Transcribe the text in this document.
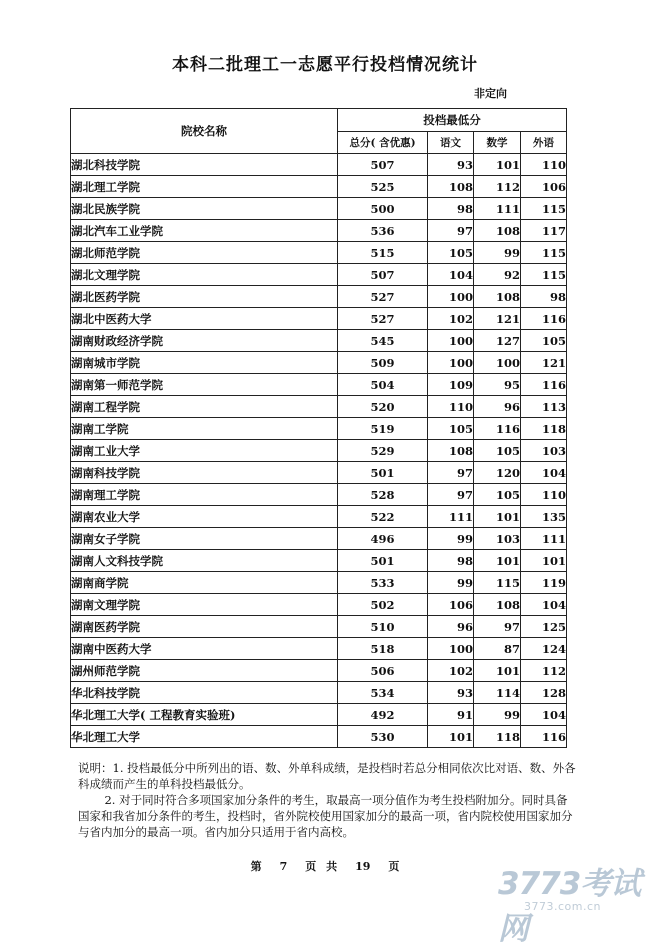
本科二批理工一志愿平行投档情况统计
非定向
院校名称	投档最低分			
	总分( 含优惠)	语文	数学	外语
湖北科技学院	507	93	101	110
湖北理工学院	525	108	112	106
湖北民族学院	500	98	111	115
湖北汽车工业学院	536	97	108	117
湖北师范学院	515	105	99	115
湖北文理学院	507	104	92	115
湖北医药学院	527	100	108	98
湖北中医药大学	527	102	121	116
湖南财政经济学院	545	100	127	105
湖南城市学院	509	100	100	121
湖南第一师范学院	504	109	95	116
湖南工程学院	520	110	96	113
湖南工学院	519	105	116	118
湖南工业大学	529	108	105	103
湖南科技学院	501	97	120	104
湖南理工学院	528	97	105	110
湖南农业大学	522	111	101	135
湖南女子学院	496	99	103	111
湖南人文科技学院	501	98	101	101
湖南商学院	533	99	115	119
湖南文理学院	502	106	108	104
湖南医药学院	510	96	97	125
湖南中医药大学	518	100	87	124
湖州师范学院	506	102	101	112
华北科技学院	534	93	114	128
华北理工大学( 工程教育实验班)	492	91	99	104
华北理工大学	530	101	118	116

说明：1. 投档最低分中所列出的语、数、外单科成绩，是投档时若总分相同依次比对语、数、外各科成绩而产生的单科投档最低分。

2. 对于同时符合多项国家加分条件的考生，取最高一项分值作为考生投档附加分。同时具备国家和我省加分条件的考生，投档时，省外院校使用国家加分的最高一项，省内院校使用国家加分与省内加分的最高一项。省内加分只适用于省内高校。

第 7 页 共 19 页	3773考试网
3773.com.cn
